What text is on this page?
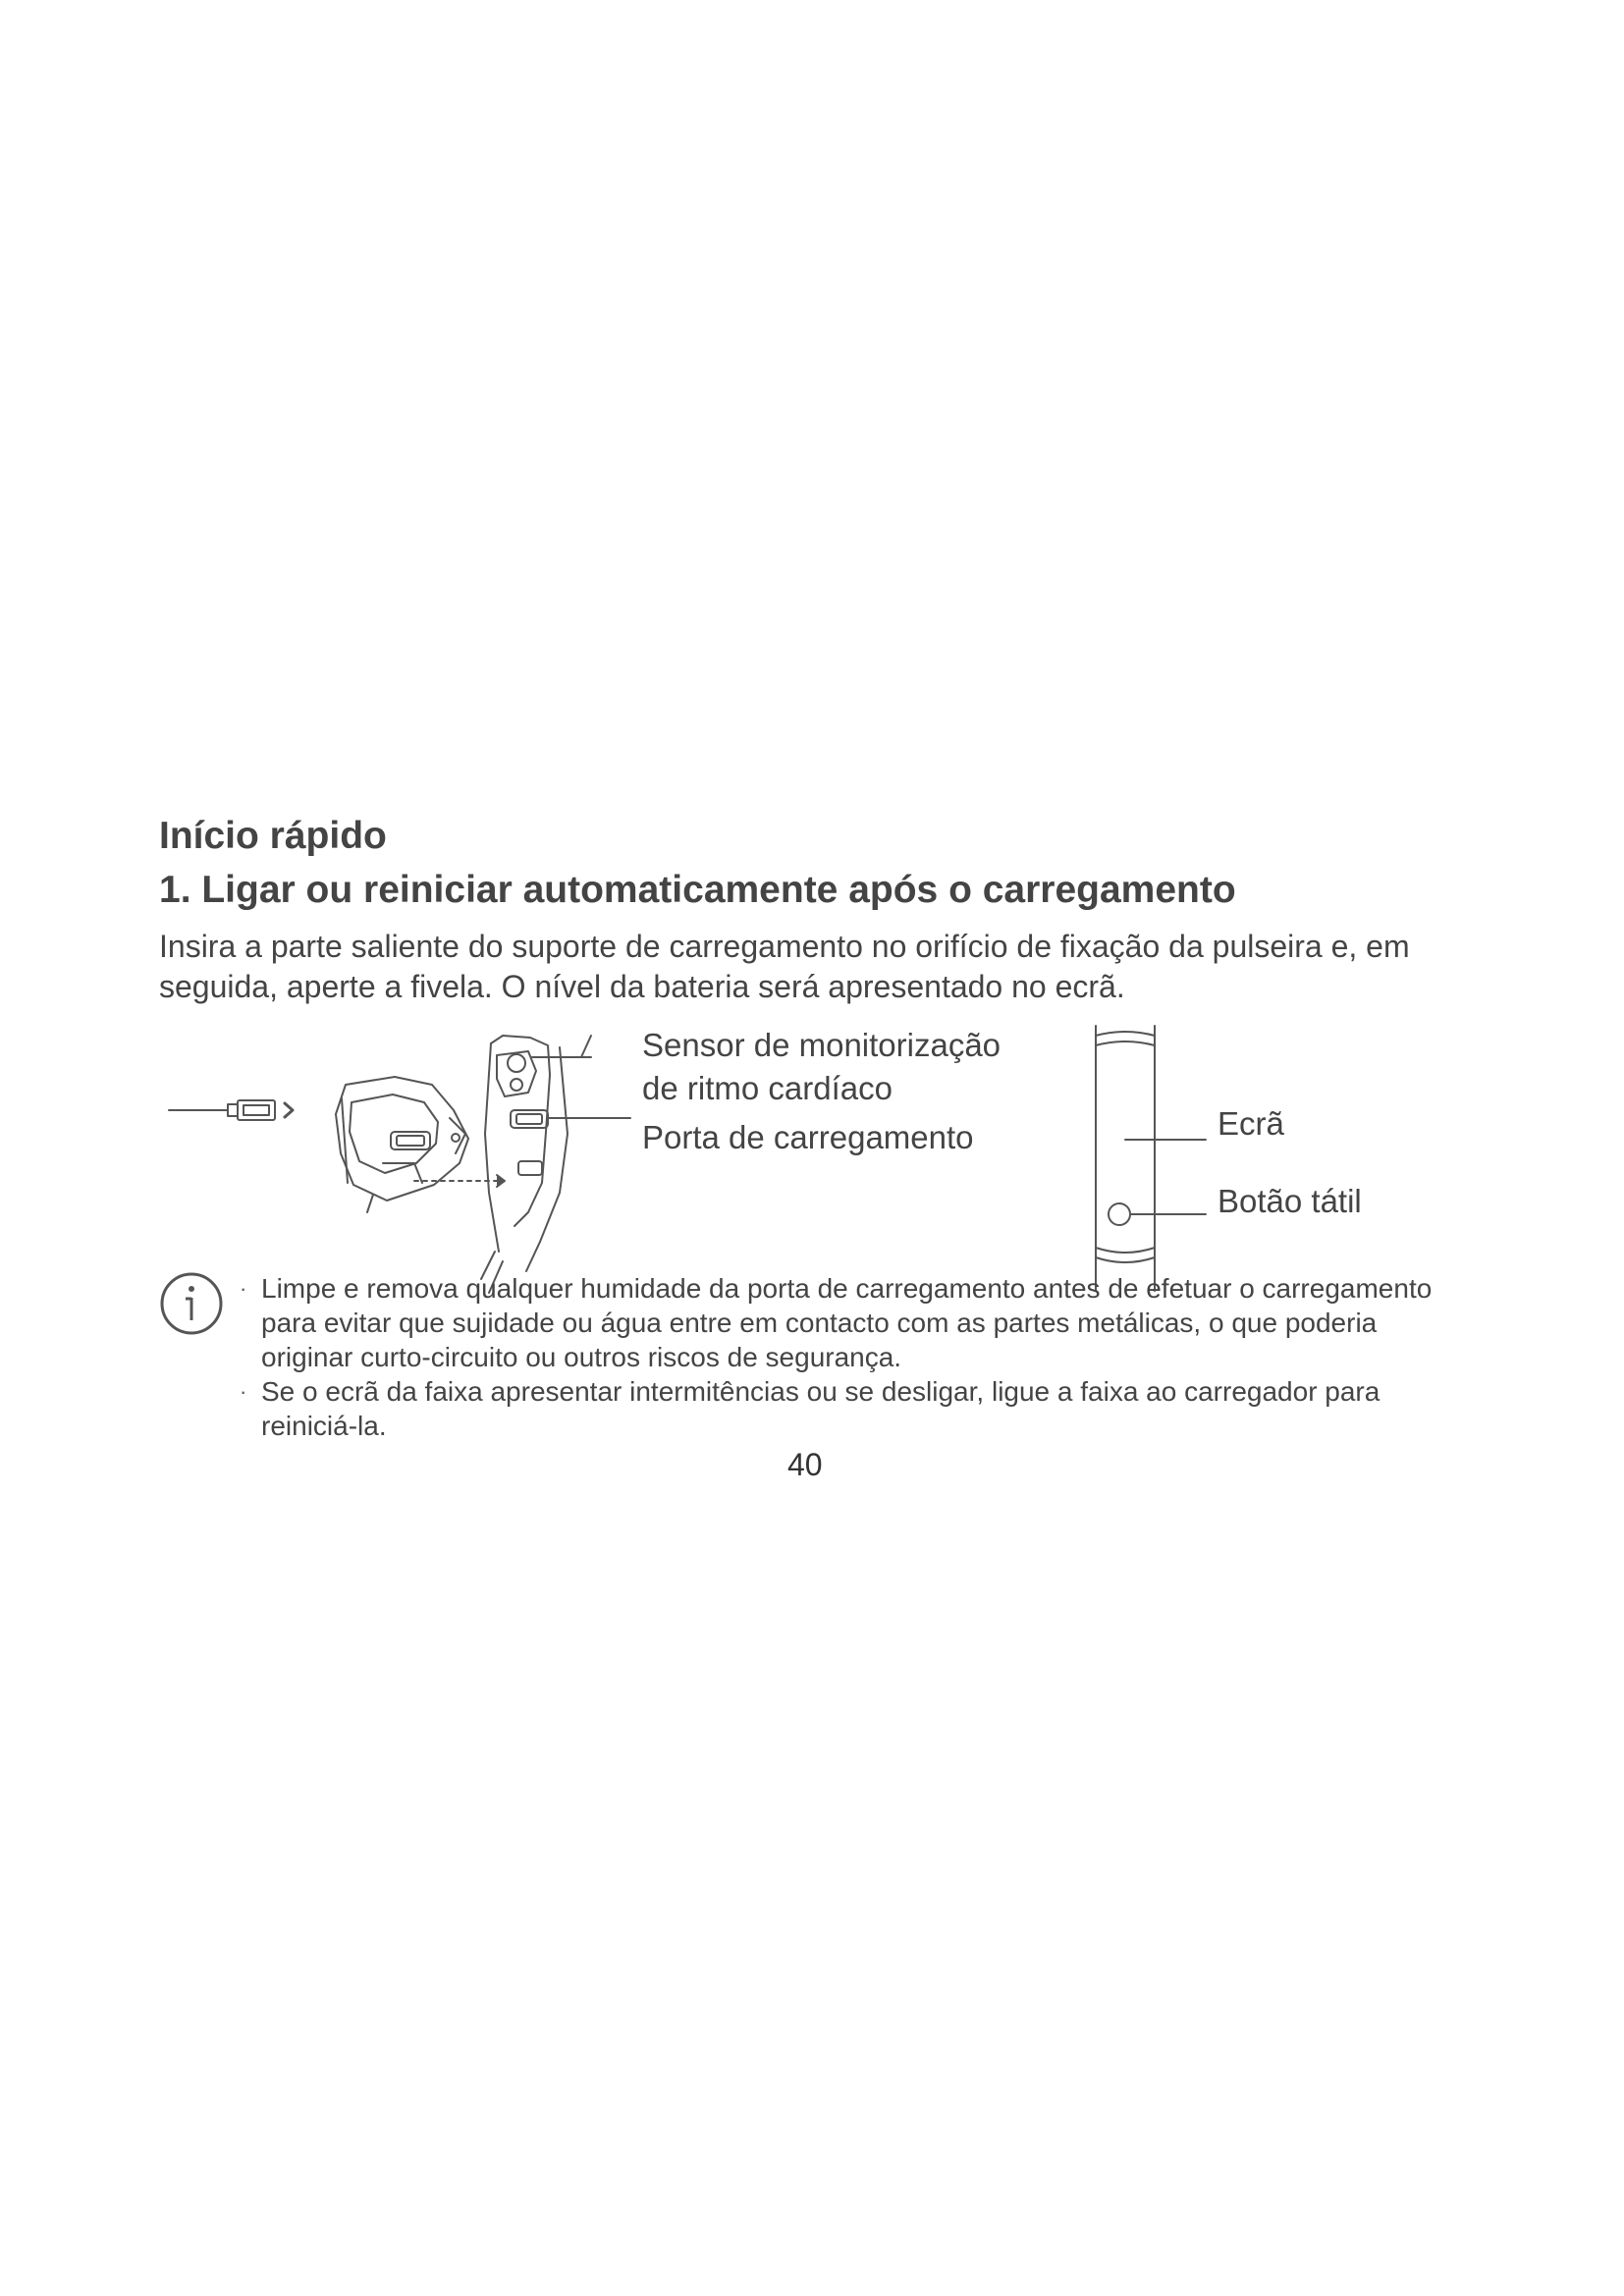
Início rápido
1. Ligar ou reiniciar automaticamente após o carregamento

Insira a parte saliente do suporte de carregamento no orifício de fixação da pulseira e, em seguida, aperte a fivela. O nível da bateria será apresentado no ecrã.

Sensor de monitorização
de ritmo cardíaco
Porta de carregamento	Ecrã
Botão tátil
· Limpe e remova qualquer humidade da porta de carregamento antes de efetuar o carregamento para evitar que sujidade ou água entre em contacto com as partes metálicas, o que poderia originar curto-circuito ou outros riscos de segurança.
· Se o ecrã da faixa apresentar intermitências ou se desligar, ligue a faixa ao carregador para reiniciá-la.
40
